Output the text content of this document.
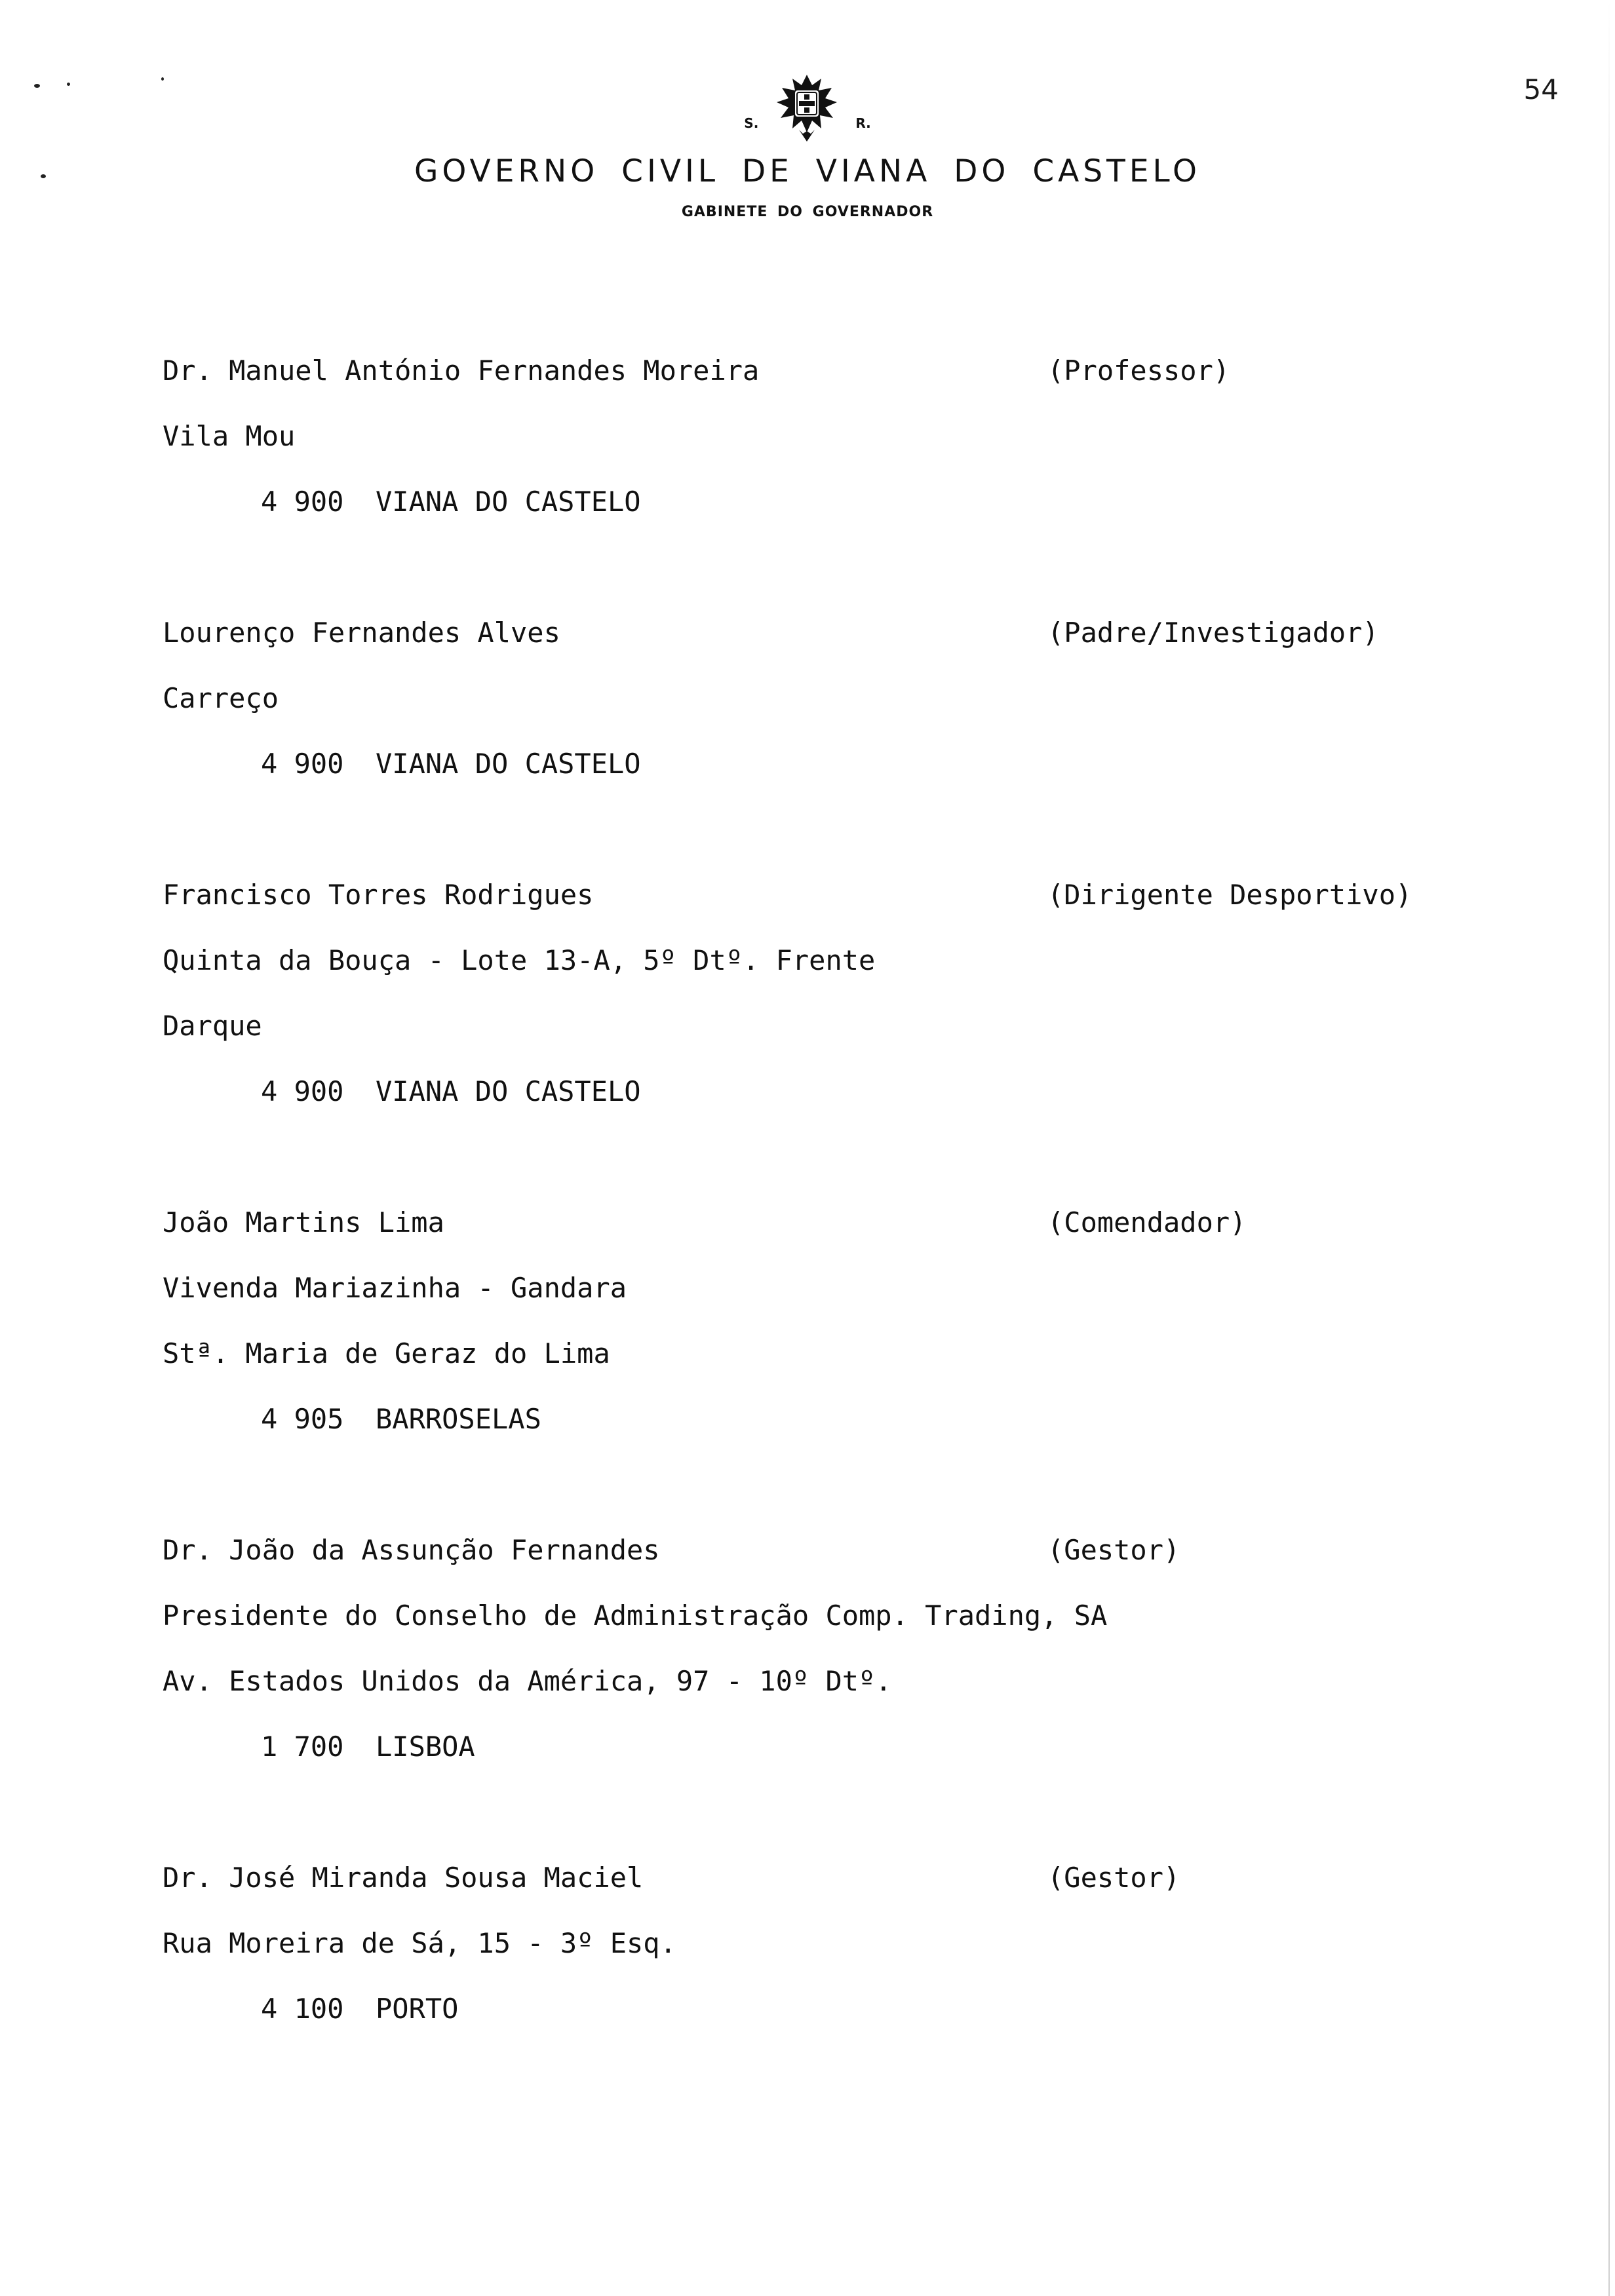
54
S.	R.
GOVERNO CIVIL DE VIANA DO CASTELO
GABINETE DO GOVERNADOR
Dr. Manuel António Fernandes Moreira	(Professor)
Vila Mou
4 900 VIANA DO CASTELO
Lourenço Fernandes Alves	(Padre/Investigador)
Carreço
4 900 VIANA DO CASTELO
Francisco Torres Rodrigues	(Dirigente Desportivo)
Quinta da Bouça - Lote 13-A, 5º Dtº. Frente
Darque
4 900 VIANA DO CASTELO
João Martins Lima	(Comendador)
Vivenda Mariazinha - Gandara
Stª. Maria de Geraz do Lima
4 905 BARROSELAS
Dr. João da Assunção Fernandes	(Gestor)
Presidente do Conselho de Administração Comp. Trading, SA
Av. Estados Unidos da América, 97 - 10º Dtº.
1 700 LISBOA
Dr. José Miranda Sousa Maciel	(Gestor)
Rua Moreira de Sá, 15 - 3º Esq.
4 100 PORTO
